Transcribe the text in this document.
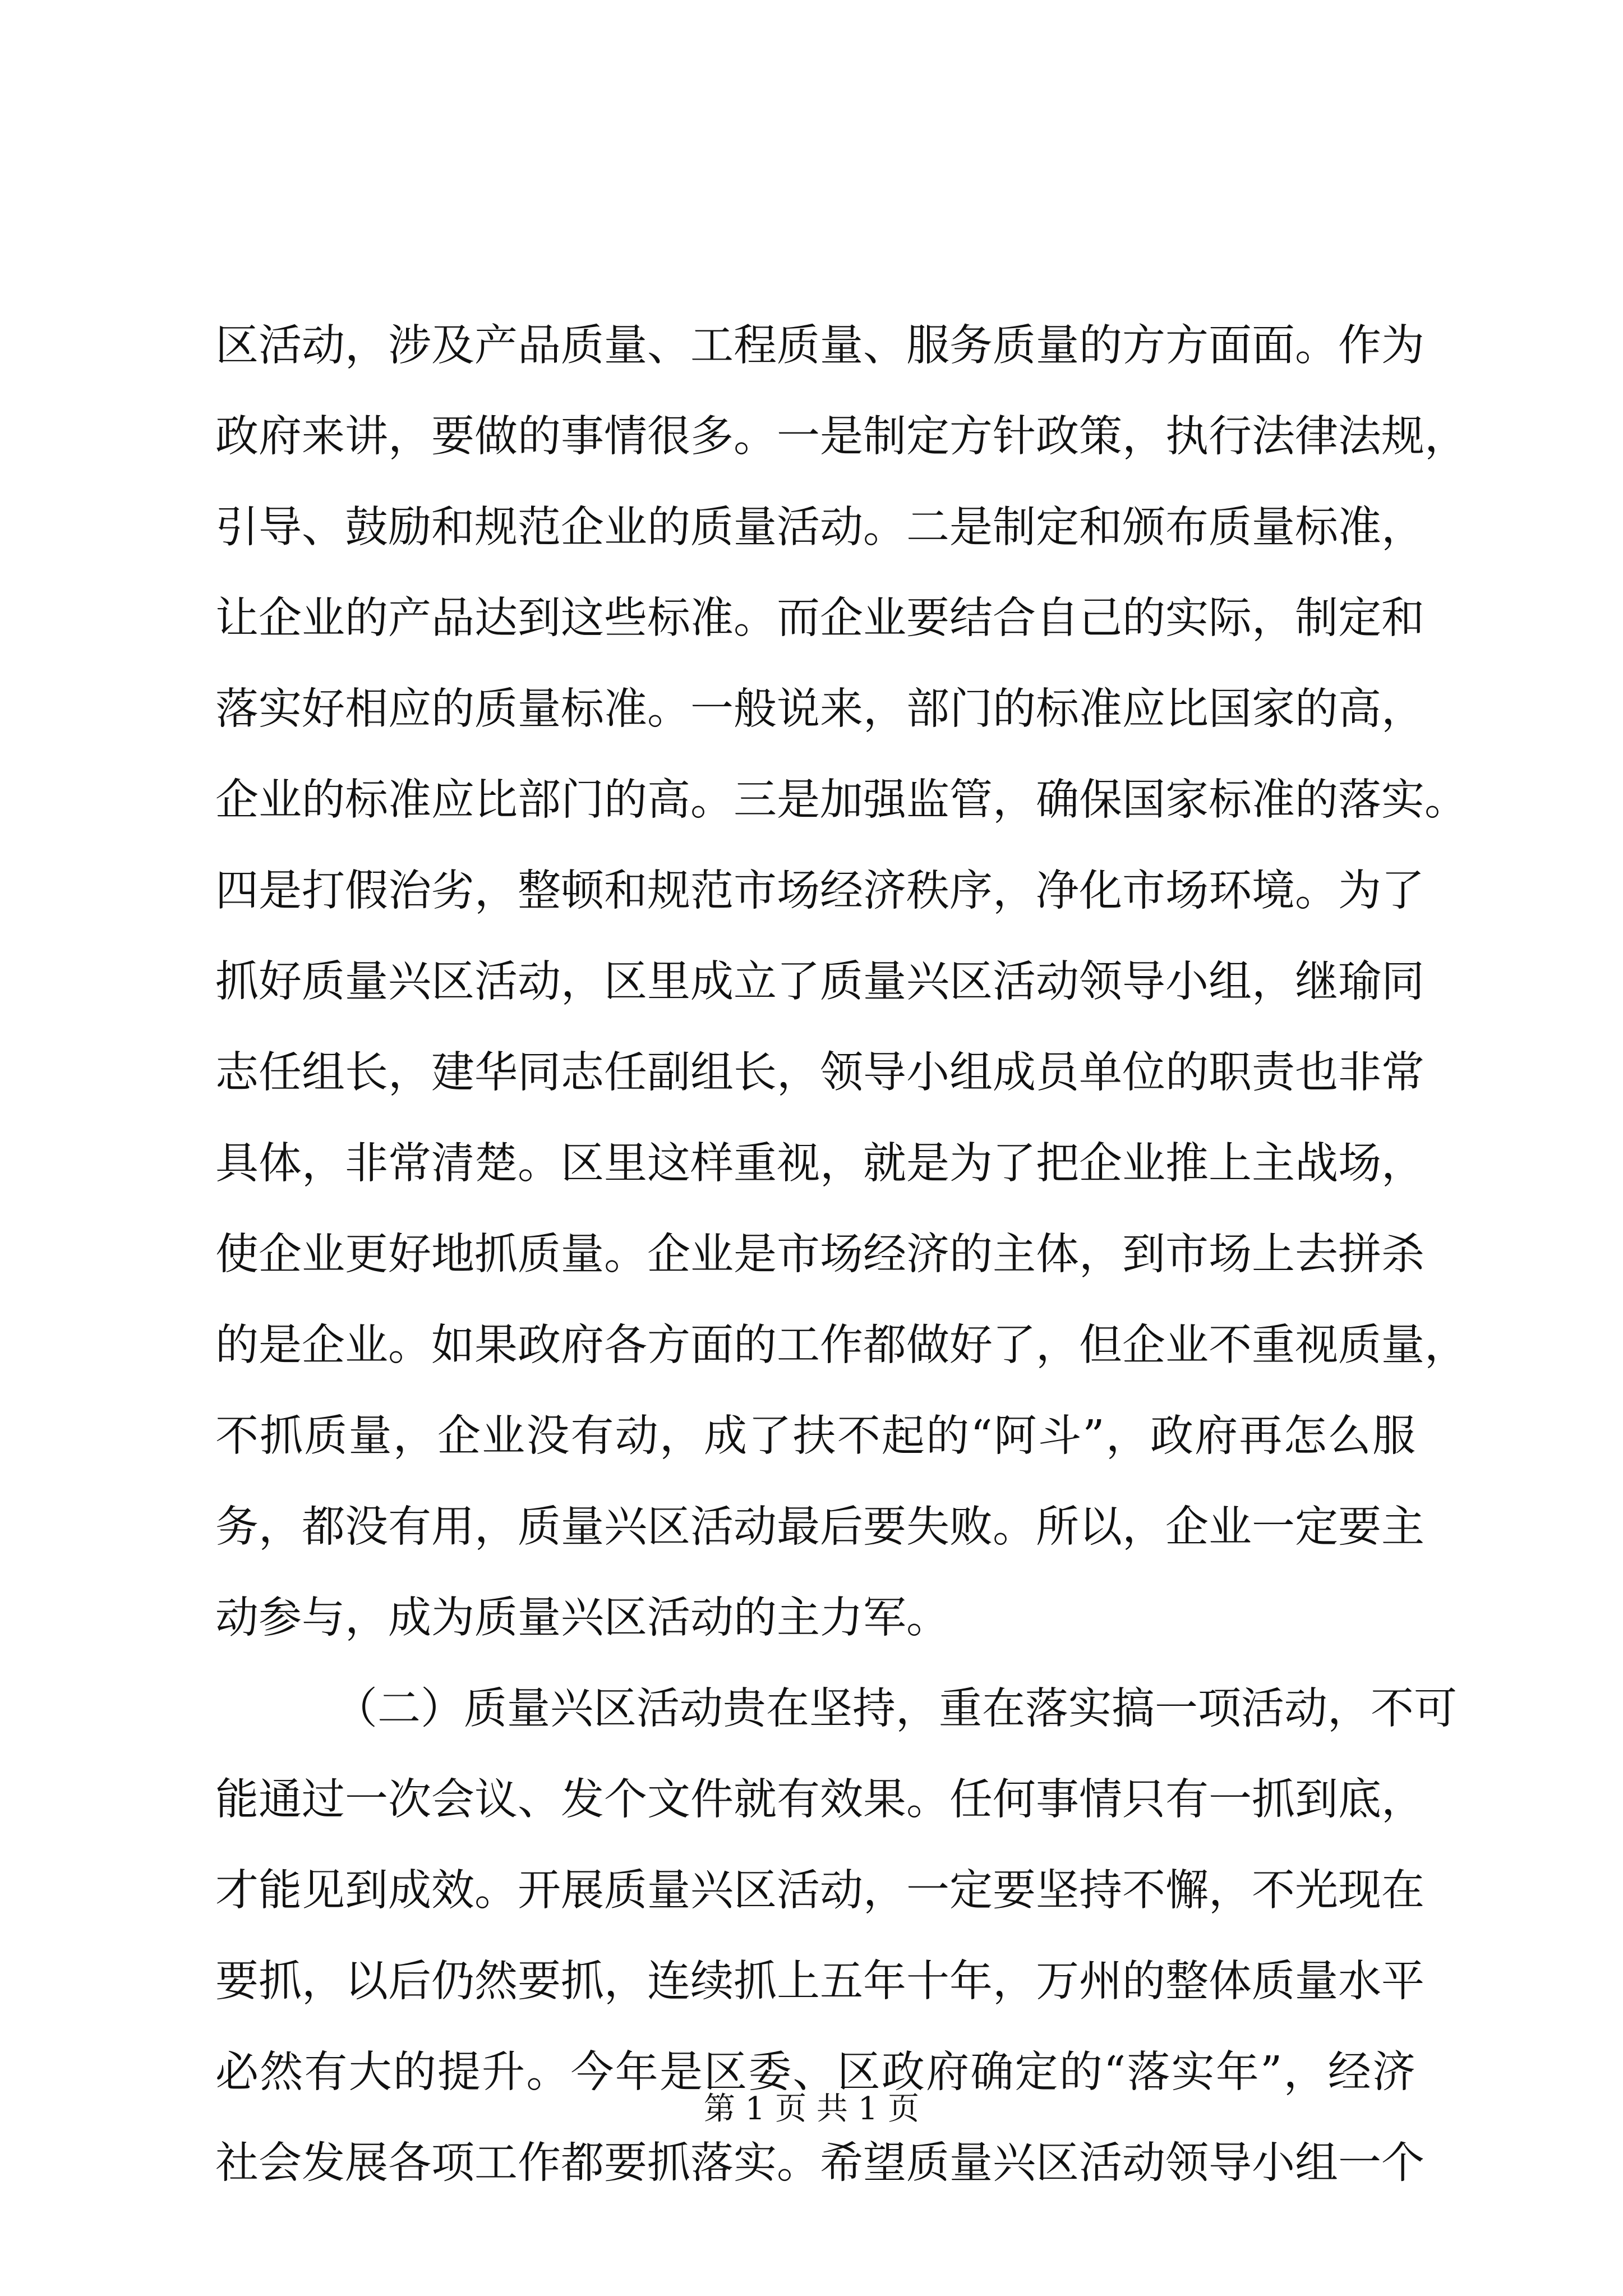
区活动，涉及产品质量、工程质量、服务质量的方方面面。作为
政府来讲，要做的事情很多。一是制定方针政策，执行法律法规，
引导、鼓励和规范企业的质量活动。二是制定和颁布质量标准，
让企业的产品达到这些标准。而企业要结合自己的实际，制定和
落实好相应的质量标准。一般说来，部门的标准应比国家的高，
企业的标准应比部门的高。三是加强监管，确保国家标准的落实。
四是打假治劣，整顿和规范市场经济秩序，净化市场环境。为了
抓好质量兴区活动，区里成立了质量兴区活动领导小组，继瑜同
志任组长，建华同志任副组长，领导小组成员单位的职责也非常
具体，非常清楚。区里这样重视，就是为了把企业推上主战场，
使企业更好地抓质量。企业是市场经济的主体，到市场上去拼杀
的是企业。如果政府各方面的工作都做好了，但企业不重视质量，
不抓质量，企业没有动，成了扶不起的“阿斗”，政府再怎么服
务，都没有用，质量兴区活动最后要失败。所以，企业一定要主
动参与，成为质量兴区活动的主力军。
（二）质量兴区活动贵在坚持，重在落实搞一项活动，不可
能通过一次会议、发个文件就有效果。任何事情只有一抓到底，
才能见到成效。开展质量兴区活动，一定要坚持不懈，不光现在
要抓，以后仍然要抓，连续抓上五年十年，万州的整体质量水平
必然有大的提升。今年是区委、区政府确定的“落实年”，经济
社会发展各项工作都要抓落实。希望质量兴区活动领导小组一个
第 1 页 共 1 页
